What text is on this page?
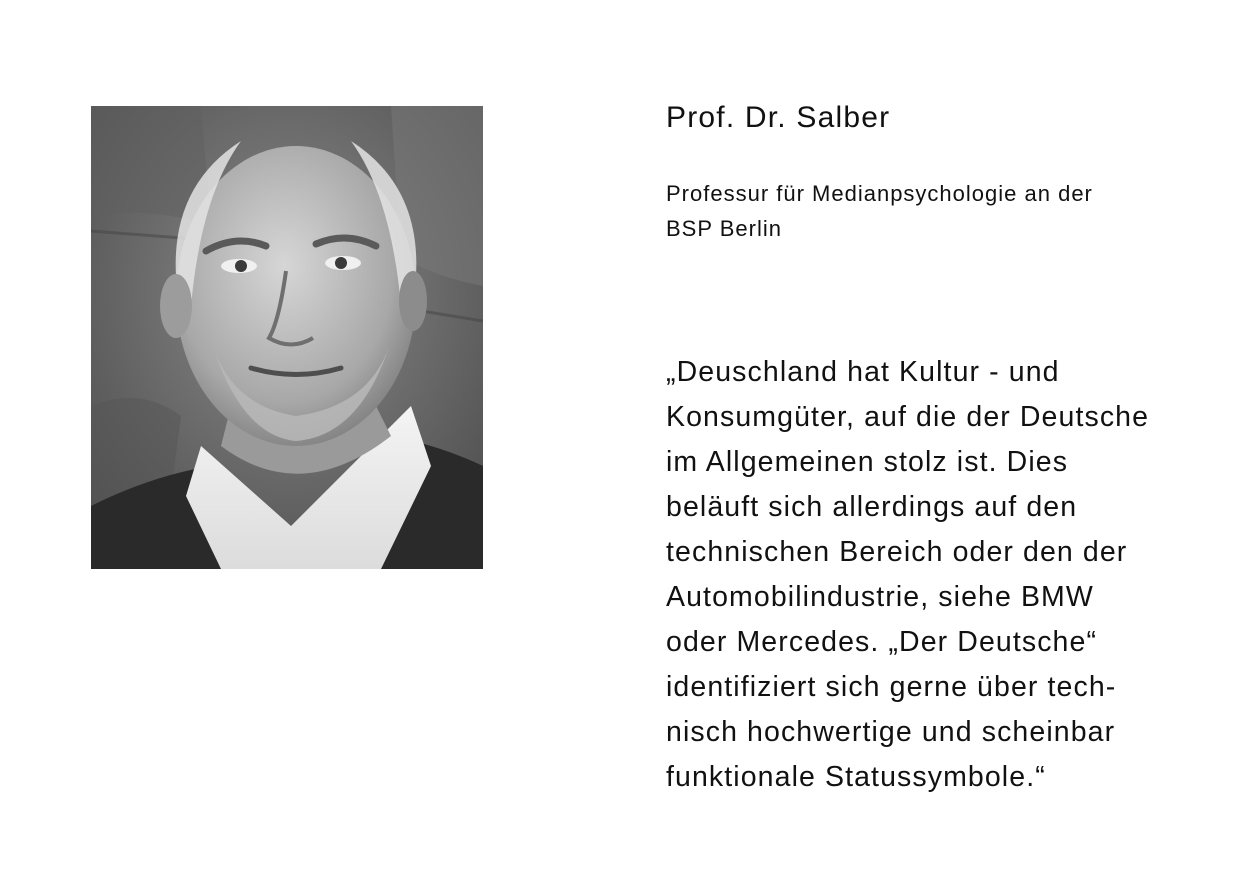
Prof. Dr. Salber

Professur für Medianpsychologie an der
BSP Berlin

„Deuschland hat Kultur - und
Konsumgüter, auf die der Deutsche
im Allgemeinen stolz ist. Dies
beläuft sich allerdings auf den
technischen Bereich oder den der
Automobilindustrie, siehe BMW
oder Mercedes. „Der Deutsche“
identifiziert sich gerne über tech-
nisch hochwertige und scheinbar
funktionale Statussymbole.“
